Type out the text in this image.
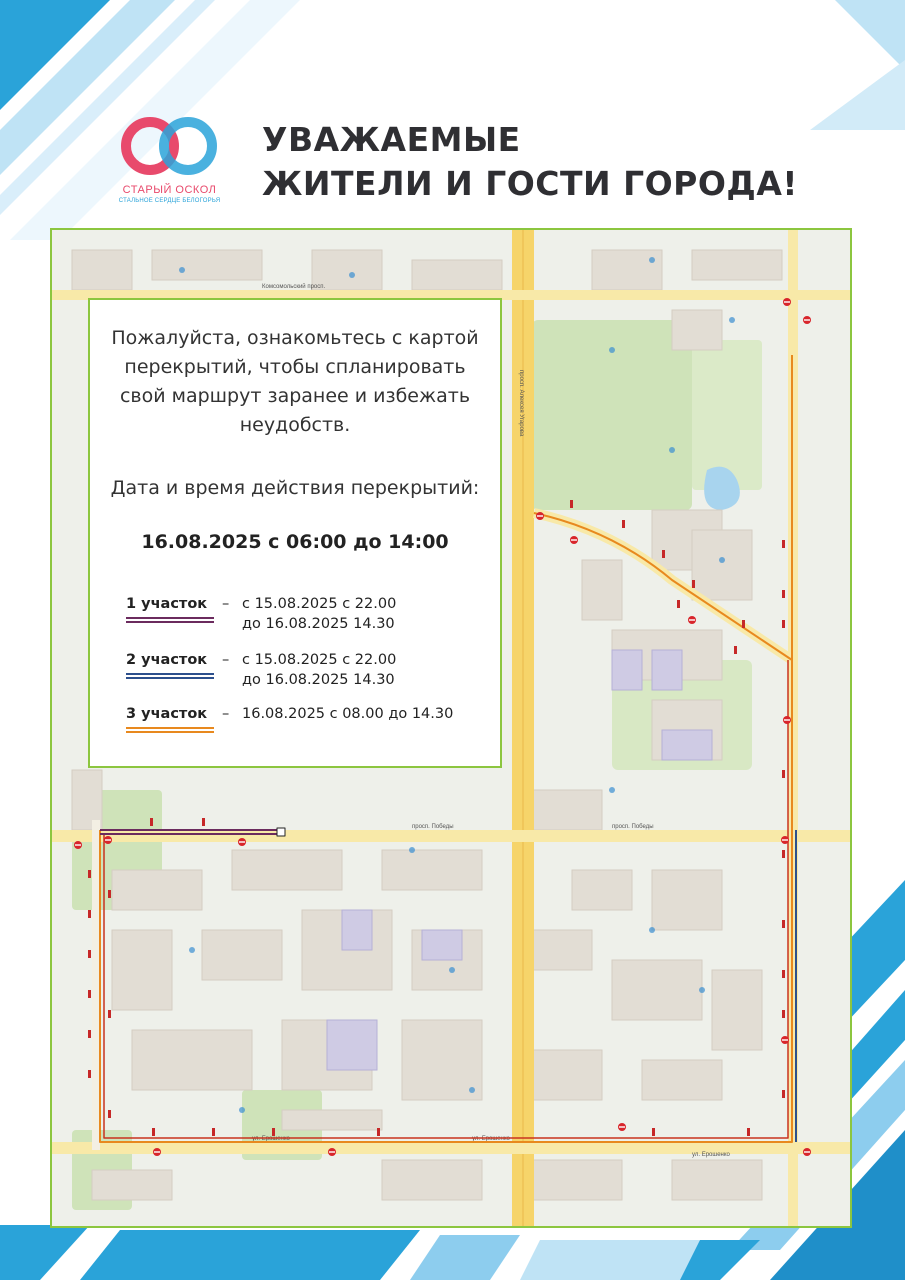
СТАРЫЙ ОСКОЛ
СТАЛЬНОЕ СЕРДЦЕ БЕЛОГОРЬЯ
УВАЖАЕМЫЕ
ЖИТЕЛИ И ГОСТИ ГОРОДА!
Комсомольский просп.
просп. Победы	просп. Победы
ул. Ерошенко	ул. Ерошенко
ул. Ерошенко
просп. Алексея Угарова
Пожалуйста, ознакомьтесь с картой перекрытий, чтобы спланировать свой маршрут заранее и избежать неудобств.
Дата и время действия перекрытий:
16.08.2025 с 06:00 до 14:00
1 участок – с 15.08.2025 с 22.00
до 16.08.2025 14.30
2 участок – с 15.08.2025 с 22.00
до 16.08.2025 14.30
3 участок – 16.08.2025 с 08.00 до 14.30
